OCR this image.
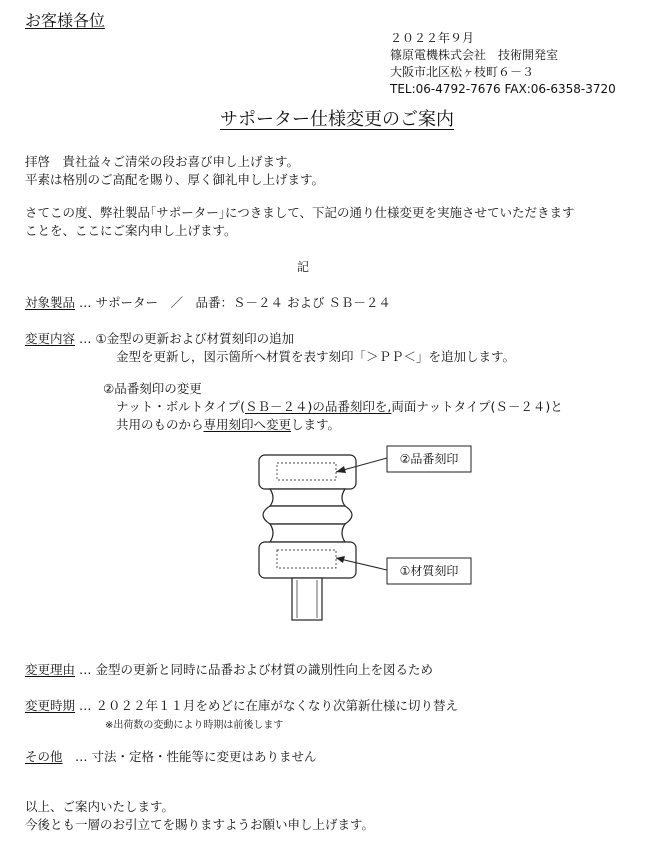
お客様各位
２０２２年９月
篠原電機株式会社　技術開発室
大阪市北区松ヶ枝町６－３
TEL:06-4792-7676 FAX:06-6358-3720
サポーター仕様変更のご案内
拝啓　貴社益々ご清栄の段お喜び申し上げます。
平素は格別のご高配を賜り、厚く御礼申し上げます。
さてこの度、弊社製品｢サポーター｣につきまして、下記の通り仕様変更を実施させていただきます
ことを、ここにご案内申し上げます。
記
対象製品 … サポーター　／　品番：Ｓ－２４ および ＳＢ－２４
変更内容 … ①金型の更新および材質刻印の追加
金型を更新し，図示箇所へ材質を表す刻印「＞ＰＰ＜」を追加します。
②品番刻印の変更
ナット・ボルトタイプ(ＳＢ－２４)の品番刻印を,両面ナットタイプ(Ｓ－２４)と
共用のものから専用刻印へ変更します。
②品番刻印
①材質刻印
変更理由 … 金型の更新と同時に品番および材質の識別性向上を図るため
変更時期 … ２０２２年１１月をめどに在庫がなくなり次第新仕様に切り替え
※出荷数の変動により時期は前後します
その他　… 寸法・定格・性能等に変更はありません
以上、ご案内いたします。
今後とも一層のお引立てを賜りますようお願い申し上げます。
